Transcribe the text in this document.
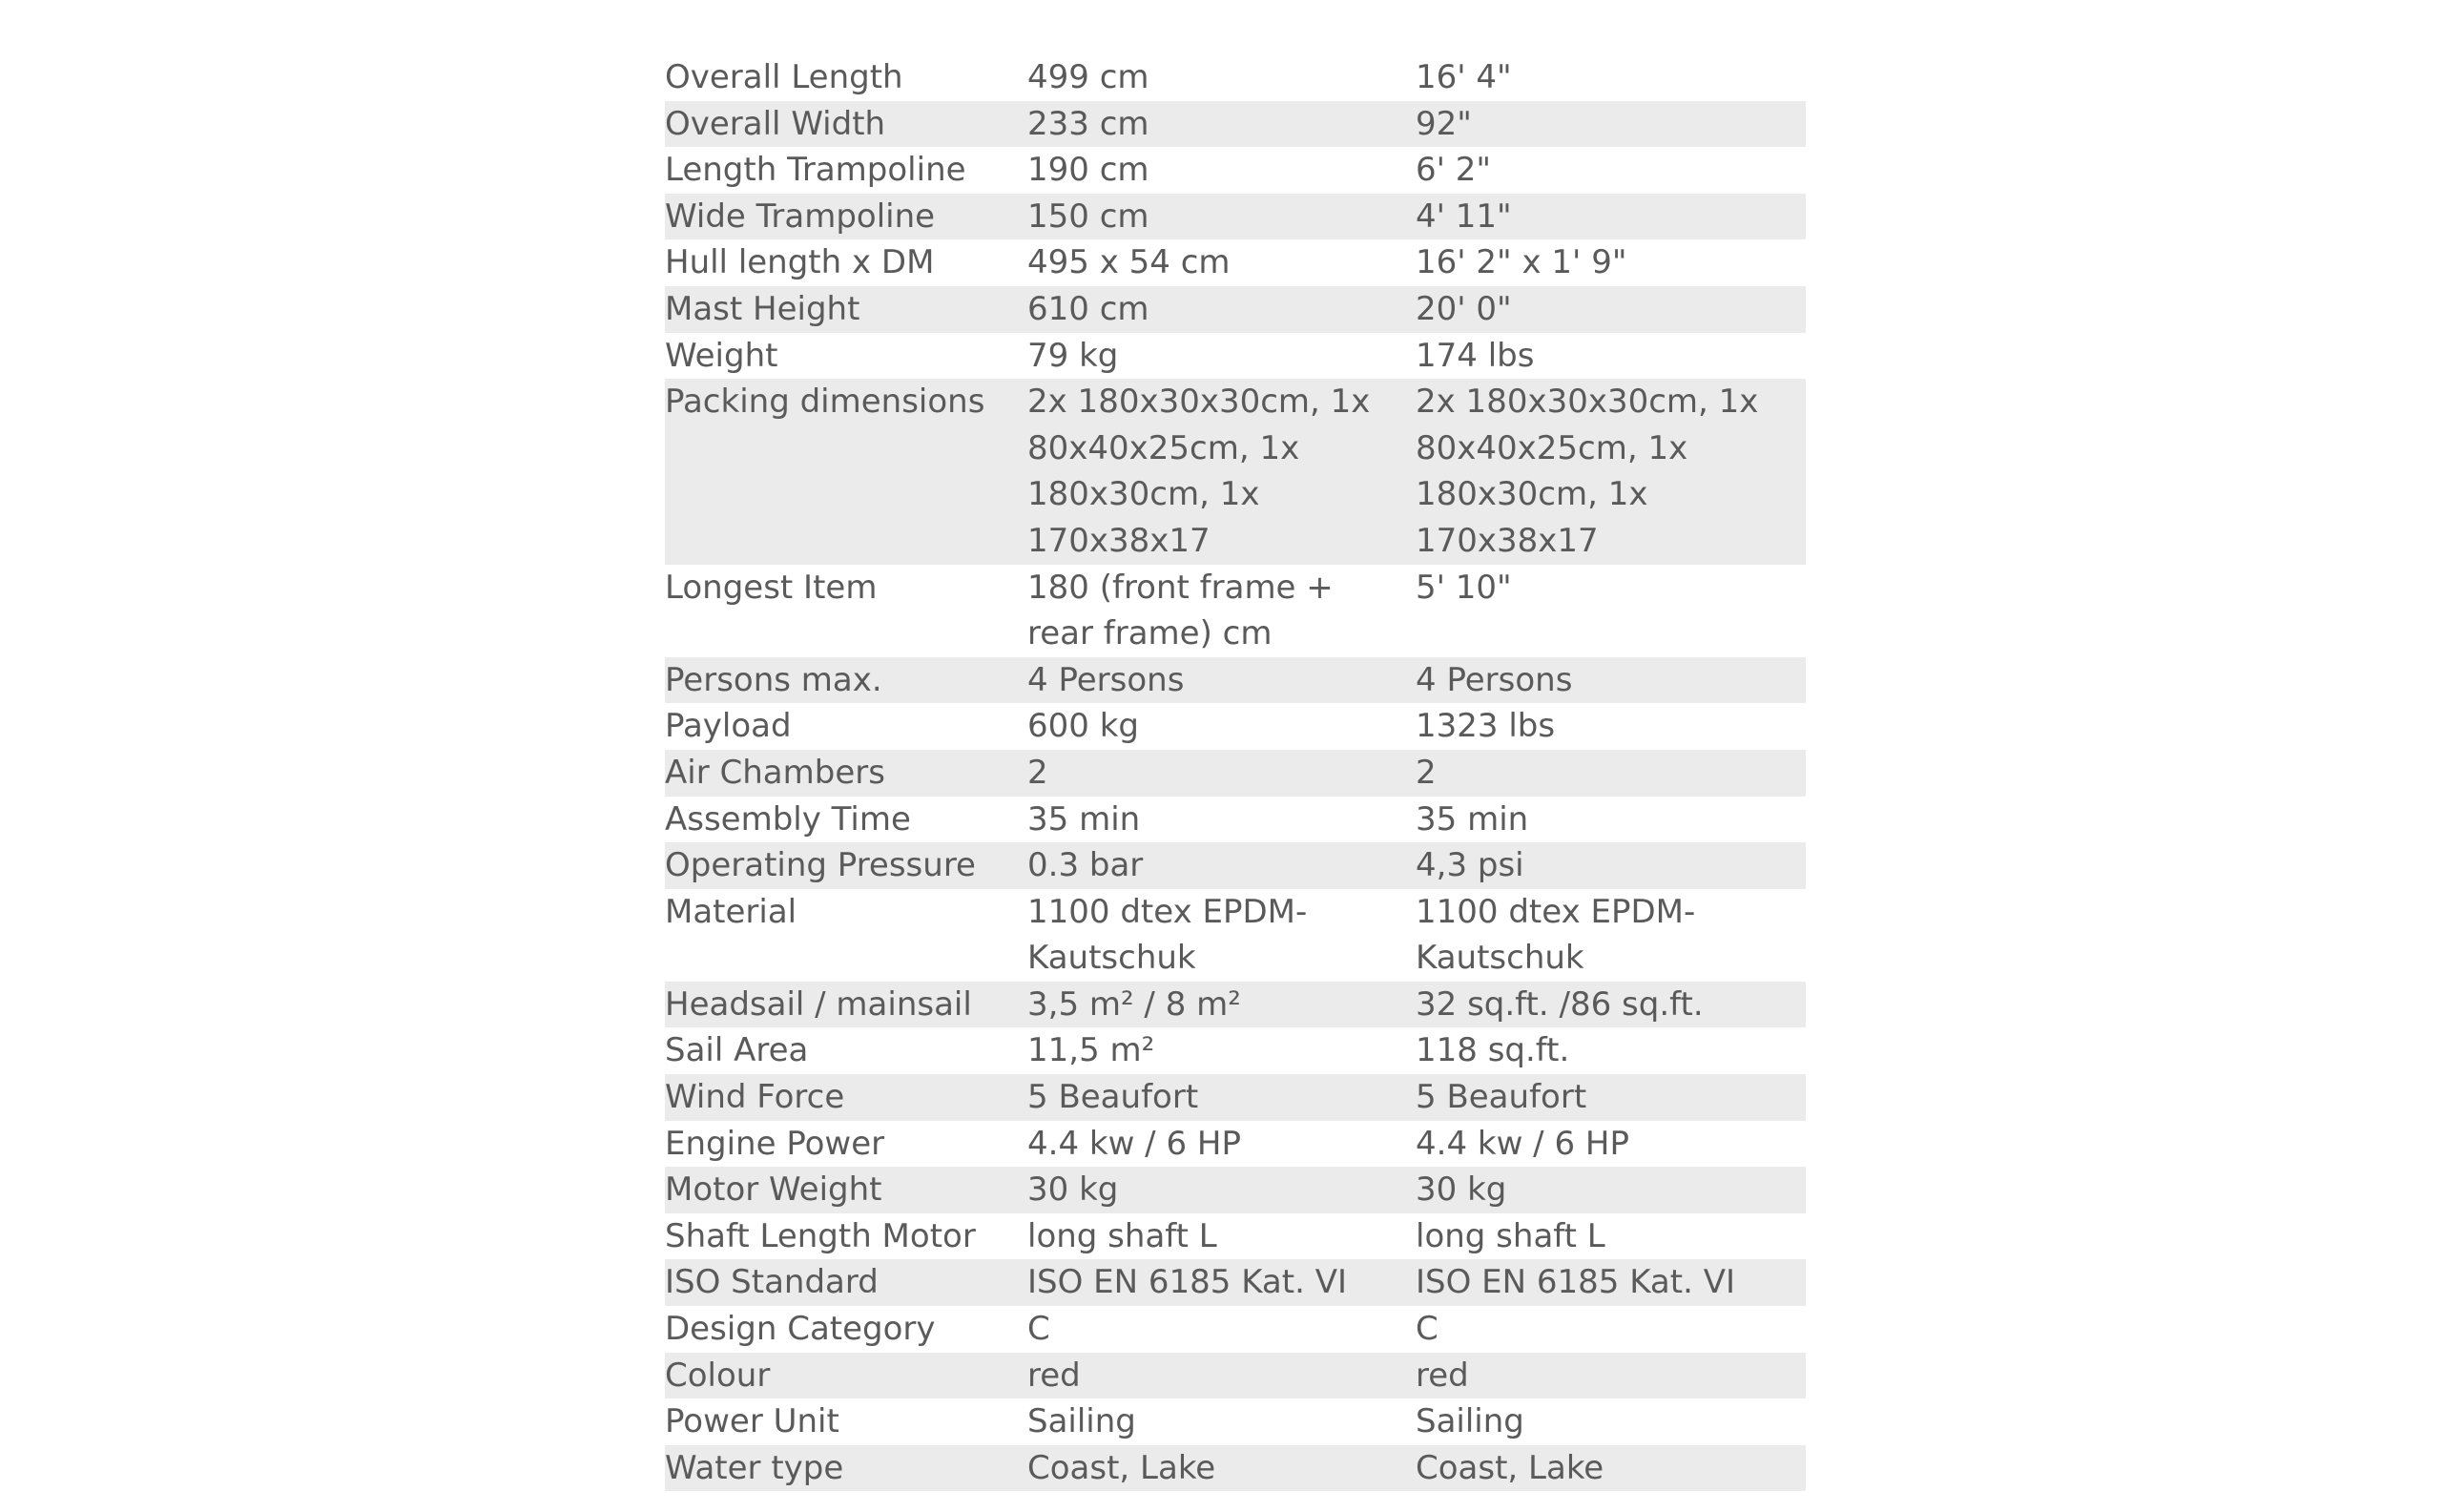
Overall Length	499 cm	16' 4"
Overall Width	233 cm	92"
Length Trampoline	190 cm	6' 2"
Wide Trampoline	150 cm	4' 11"
Hull length x DM	495 x 54 cm	16' 2" x 1' 9"
Mast Height	610 cm	20' 0"
Weight	79 kg	174 lbs
Packing dimensions	2x 180x30x30cm, 1x 80x40x25cm, 1x 180x30cm, 1x 170x38x17	2x 180x30x30cm, 1x 80x40x25cm, 1x 180x30cm, 1x 170x38x17
Longest Item	180 (front frame + rear frame) cm	5' 10"
Persons max.	4 Persons	4 Persons
Payload	600 kg	1323 lbs
Air Chambers	2	2
Assembly Time	35 min	35 min
Operating Pressure	0.3 bar	4,3 psi
Material	1100 dtex EPDM-Kautschuk	1100 dtex EPDM-Kautschuk
Headsail / mainsail	3,5 m² / 8 m²	32 sq.ft. /86 sq.ft.
Sail Area	11,5 m²	118 sq.ft.
Wind Force	5 Beaufort	5 Beaufort
Engine Power	4.4 kw / 6 HP	4.4 kw / 6 HP
Motor Weight	30 kg	30 kg
Shaft Length Motor	long shaft L	long shaft L
ISO Standard	ISO EN 6185 Kat. VI	ISO EN 6185 Kat. VI
Design Category	C	C
Colour	red	red
Power Unit	Sailing	Sailing
Water type	Coast, Lake	Coast, Lake
